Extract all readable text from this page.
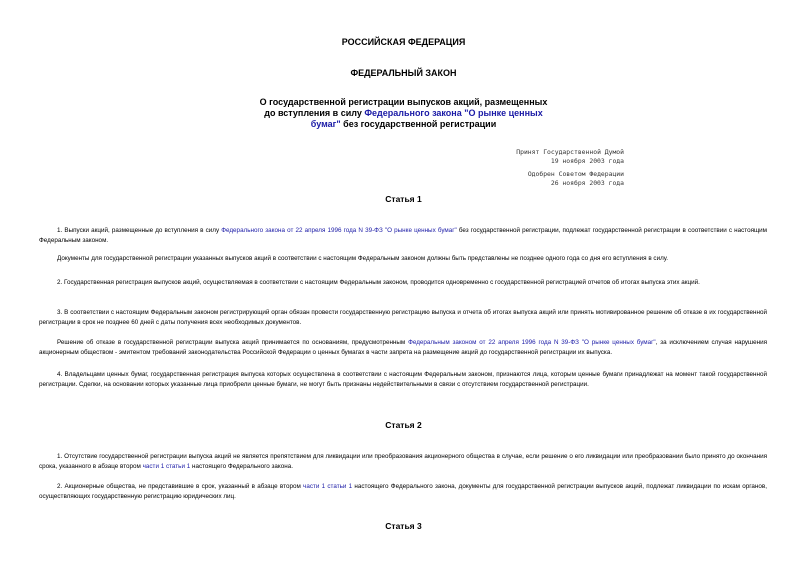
РОССИЙСКАЯ ФЕДЕРАЦИЯ
ФЕДЕРАЛЬНЫЙ ЗАКОН
О государственной регистрации выпусков акций, размещенных
до вступления в силу Федерального закона "О рынке ценных
бумаг" без государственной регистрации
Принят Государственной Думой
19 ноября 2003 года
Одобрен Советом Федерации
26 ноября 2003 года
Статья 1
1. Выпуски акций, размещенные до вступления в силу Федерального закона от 22 апреля 1996 года N 39-ФЗ "О рынке ценных бумаг" без государственной регистрации, подлежат государственной регистрации в соответствии с настоящим Федеральным законом.
Документы для государственной регистрации указанных выпусков акций в соответствии с настоящим Федеральным законом должны быть представлены не позднее одного года со дня его вступления в силу.
2. Государственная регистрация выпусков акций, осуществляемая в соответствии с настоящим Федеральным законом, проводится одновременно с государственной регистрацией отчетов об итогах выпуска этих акций.
3. В соответствии с настоящим Федеральным законом регистрирующий орган обязан провести государственную регистрацию выпуска и отчета об итогах выпуска акций или принять мотивированное решение об отказе в их государственной регистрации в срок не позднее 60 дней с даты получения всех необходимых документов.
Решение об отказе в государственной регистрации выпуска акций принимается по основаниям, предусмотренным Федеральным законом от 22 апреля 1996 года N 39-ФЗ "О рынке ценных бумаг", за исключением случая нарушения акционерным обществом - эмитентом требований законодательства Российской Федерации о ценных бумагах в части запрета на размещение акций до государственной регистрации их выпуска.
4. Владельцами ценных бумаг, государственная регистрация выпуска которых осуществлена в соответствии с настоящим Федеральным законом, признаются лица, которым ценные бумаги принадлежат на момент такой государственной регистрации. Сделки, на основании которых указанные лица приобрели ценные бумаги, не могут быть признаны недействительными в связи с отсутствием государственной регистрации.
Статья 2
1. Отсутствие государственной регистрации выпуска акций не является препятствием для ликвидации или преобразования акционерного общества в случае, если решение о его ликвидации или преобразовании было принято до окончания срока, указанного в абзаце втором части 1 статьи 1 настоящего Федерального закона.
2. Акционерные общества, не представившие в срок, указанный в абзаце втором части 1 статьи 1 настоящего Федерального закона, документы для государственной регистрации выпусков акций, подлежат ликвидации по искам органов, осуществляющих государственную регистрацию юридических лиц.
Статья 3
